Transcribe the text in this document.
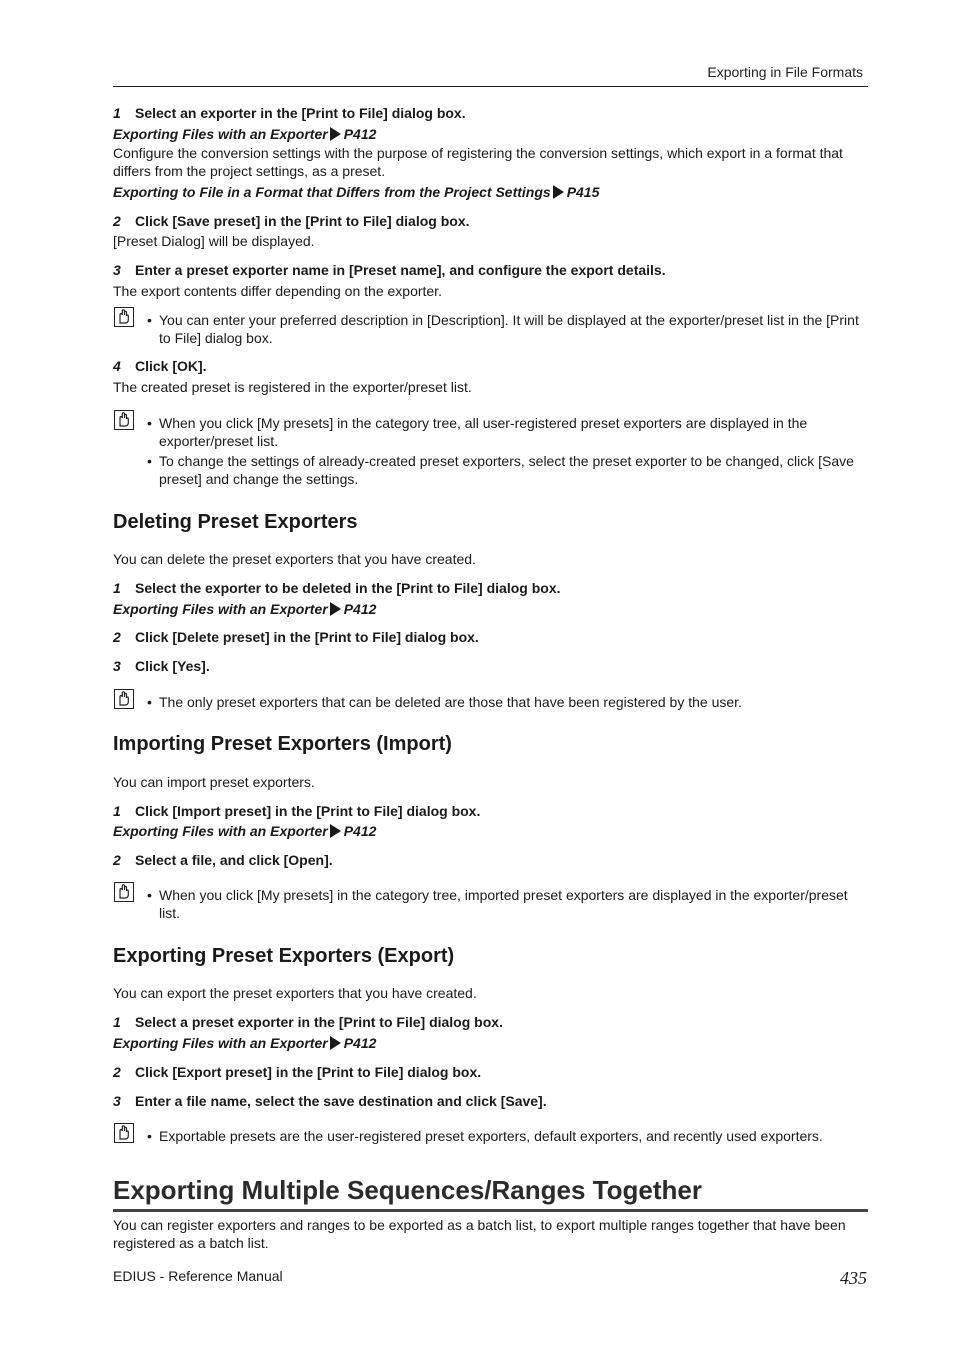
Exporting in File Formats
1 Select an exporter in the [Print to File] dialog box.
Exporting Files with an Exporter P412
Configure the conversion settings with the purpose of registering the conversion settings, which export in a format that differs from the project settings, as a preset.
Exporting to File in a Format that Differs from the Project Settings P415
2 Click [Save preset] in the [Print to File] dialog box.
[Preset Dialog] will be displayed.
3 Enter a preset exporter name in [Preset name], and configure the export details.
The export contents differ depending on the exporter.
• You can enter your preferred description in [Description]. It will be displayed at the exporter/preset list in the [Print to File] dialog box.
4 Click [OK].
The created preset is registered in the exporter/preset list.
• When you click [My presets] in the category tree, all user-registered preset exporters are displayed in the exporter/preset list.
• To change the settings of already-created preset exporters, select the preset exporter to be changed, click [Save preset] and change the settings.
Deleting Preset Exporters
You can delete the preset exporters that you have created.
1 Select the exporter to be deleted in the [Print to File] dialog box.
Exporting Files with an Exporter P412
2 Click [Delete preset] in the [Print to File] dialog box.
3 Click [Yes].
• The only preset exporters that can be deleted are those that have been registered by the user.
Importing Preset Exporters (Import)
You can import preset exporters.
1 Click [Import preset] in the [Print to File] dialog box.
Exporting Files with an Exporter P412
2 Select a file, and click [Open].
• When you click [My presets] in the category tree, imported preset exporters are displayed in the exporter/preset list.
Exporting Preset Exporters (Export)
You can export the preset exporters that you have created.
1 Select a preset exporter in the [Print to File] dialog box.
Exporting Files with an Exporter P412
2 Click [Export preset] in the [Print to File] dialog box.
3 Enter a file name, select the save destination and click [Save].
• Exportable presets are the user-registered preset exporters, default exporters, and recently used exporters.
Exporting Multiple Sequences/Ranges Together
You can register exporters and ranges to be exported as a batch list, to export multiple ranges together that have been registered as a batch list.
EDIUS - Reference Manual	435
